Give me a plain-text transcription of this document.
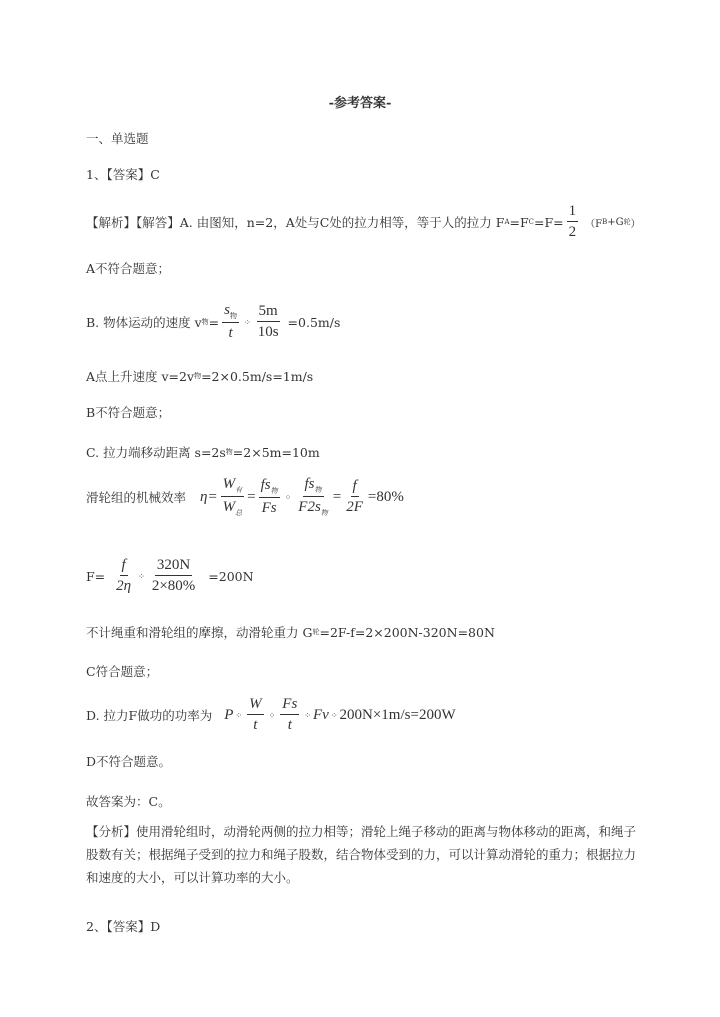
-参考答案-
一、单选题
1、【答案】C
【解析】【解答】A. 由图知，n=2，A处与C处的拉力相等，等于人的拉力 F A =F $C =F= \frac{1}{2} (F$ B +G 轮 ）
A不符合题意；
B. 物体运动的速度 v 物 = $\frac{s_物}{t}$ ⁘ $\frac{5m}{10s} =0.5m/s$
A点上升速度 v=2v 物 =2×0.5m/s=1m/s
B不符合题意；
C. 拉力端移动距离 s=2s 物 =2×5m=10m
滑轮组的机械效率 $\eta= \frac{W_有}{W_总} = \frac{fs_物}{Fs}$ ⁘ $\frac{fs_物}{F2s_物} = \frac{f}{2F} =80\%$
$F= \frac{f}{2\eta}$ ⁘ $\frac{320N}{2\times 80\%} =200N$
不计绳重和滑轮组的摩擦，动滑轮重力 G 轮 =2F-f=2×200N-320N=80N
C符合题意；
D. 拉力F做功的功率为 P ⁘ $\frac{W}{t}$ ⁘ $\frac{Fs}{t}$ ⁘ Fv ⁘ 200N×1m/s=200W
D不符合题意。
故答案为：C。
【分析】使用滑轮组时，动滑轮两侧的拉力相等；滑轮上绳子移动的距离与物体移动的距离，和绳子股数有关；根据绳子受到的拉力和绳子股数，结合物体受到的力，可以计算动滑轮的重力；根据拉力和速度的大小，可以计算功率的大小。
2、【答案】D
